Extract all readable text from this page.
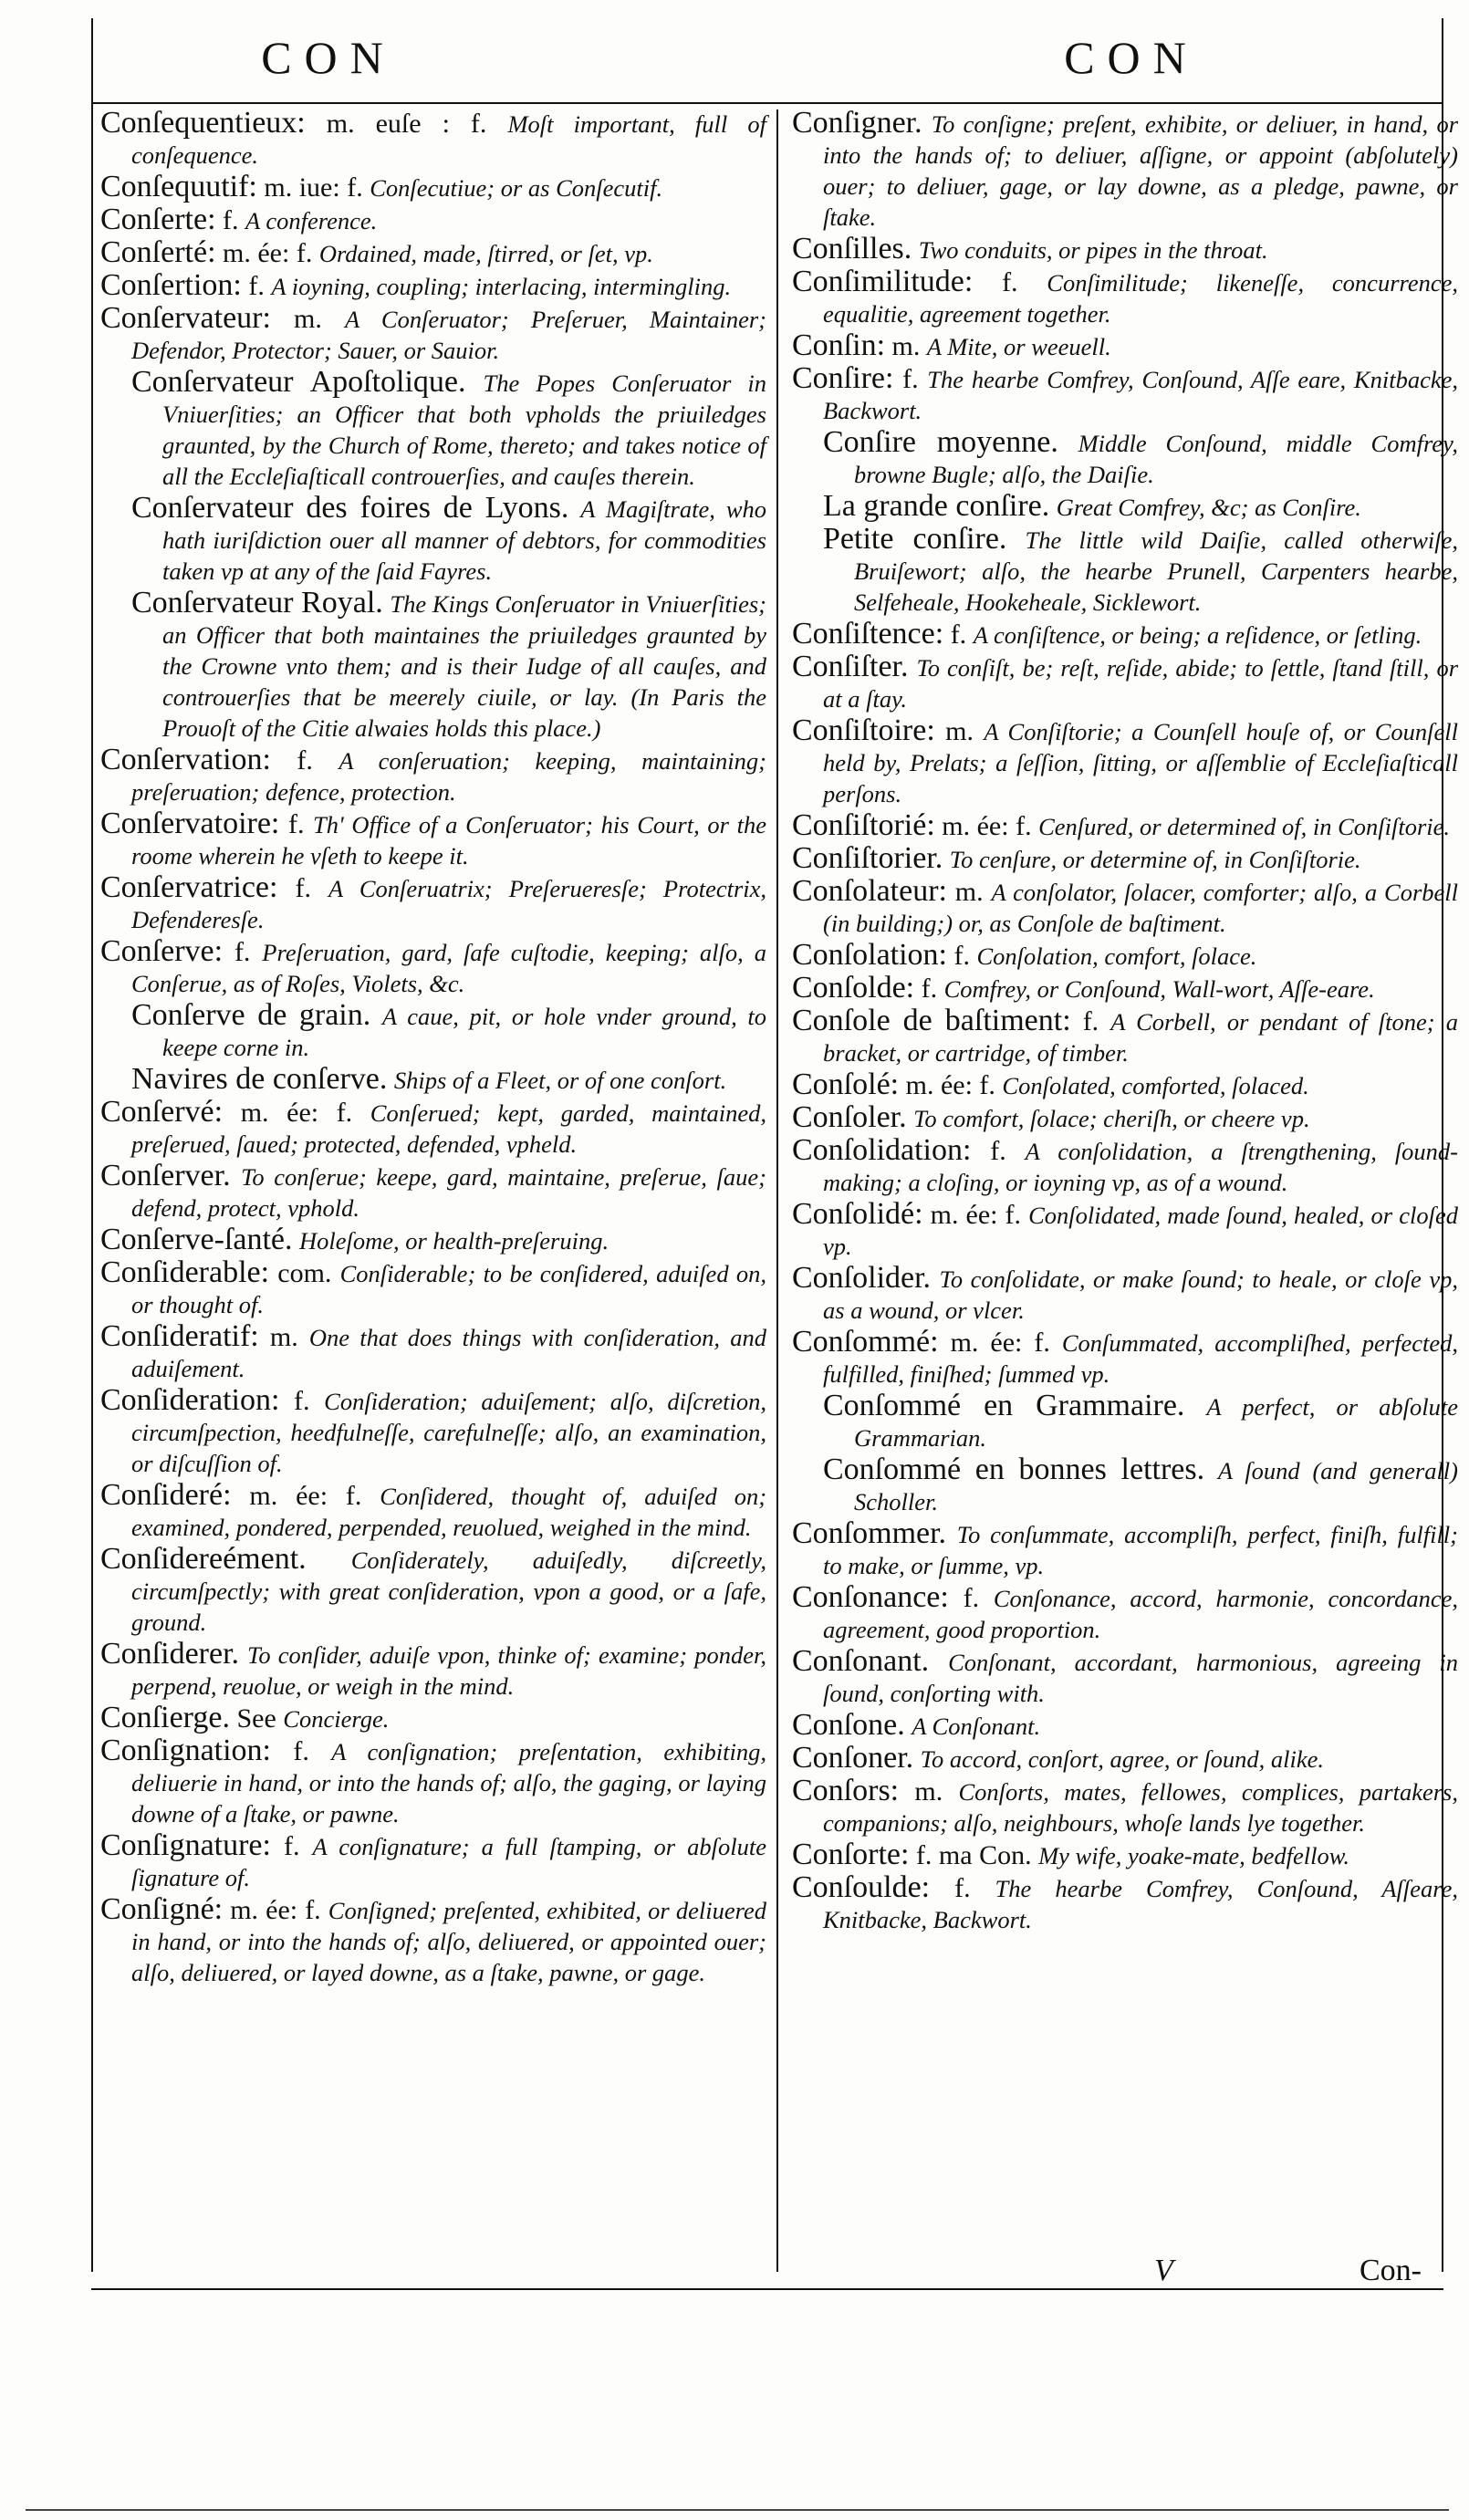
CON	CON

Conſequentieux: m. euſe : f. Moſt important, full of conſequence.

Conſequutif: m. iue: f. Conſecutiue; or as Conſecutif.

Conſerte: f. A conference.

Conſerté: m. ée: f. Ordained, made, ſtirred, or ſet, vp.

Conſertion: f. A ioyning, coupling; interlacing, intermingling.

Conſervateur: m. A Conſeruator; Preſeruer, Maintainer; Defendor, Protector; Sauer, or Sauior.

Conſervateur Apoſtolique. The Popes Conſeruator in Vniuerſities; an Officer that both vpholds the priuiledges graunted, by the Church of Rome, thereto; and takes notice of all the Eccleſiaſticall controuerſies, and cauſes therein.

Conſervateur des foires de Lyons. A Magiſtrate, who hath iuriſdiction ouer all manner of debtors, for commodities taken vp at any of the ſaid Fayres.

Conſervateur Royal. The Kings Conſeruator in Vniuerſities; an Officer that both maintaines the priuiledges graunted by the Crowne vnto them; and is their Iudge of all cauſes, and controuerſies that be meerely ciuile, or lay. (In Paris the Prouoſt of the Citie alwaies holds this place.)

Conſervation: f. A conſeruation; keeping, maintaining; preſeruation; defence, protection.

Conſervatoire: f. Th' Office of a Conſeruator; his Court, or the roome wherein he vſeth to keepe it.

Conſervatrice: f. A Conſeruatrix; Preſerueresſe; Protectrix, Defenderesſe.

Conſerve: f. Preſeruation, gard, ſafe cuſtodie, keeping; alſo, a Conſerue, as of Roſes, Violets, &c.

Conſerve de grain. A caue, pit, or hole vnder ground, to keepe corne in.

Navires de conſerve. Ships of a Fleet, or of one conſort.

Conſervé: m. ée: f. Conſerued; kept, garded, maintained, preſerued, ſaued; protected, defended, vpheld.

Conſerver. To conſerue; keepe, gard, maintaine, preſerue, ſaue; defend, protect, vphold.

Conſerve-ſanté. Holeſome, or health-preſeruing.

Conſiderable: com. Conſiderable; to be conſidered, aduiſed on, or thought of.

Conſideratif: m. One that does things with conſideration, and aduiſement.

Conſideration: f. Conſideration; aduiſement; alſo, diſcretion, circumſpection, heedfulneſſe, carefulneſſe; alſo, an examination, or diſcuſſion of.

Conſideré: m. ée: f. Conſidered, thought of, aduiſed on; examined, pondered, perpended, reuolued, weighed in the mind.

Conſidereément. Conſiderately, aduiſedly, diſcreetly, circumſpectly; with great conſideration, vpon a good, or a ſafe, ground.

Conſiderer. To conſider, aduiſe vpon, thinke of; examine; ponder, perpend, reuolue, or weigh in the mind.

Conſierge. See Concierge.

Conſignation: f. A conſignation; preſentation, exhibiting, deliuerie in hand, or into the hands of; alſo, the gaging, or laying downe of a ſtake, or pawne.

Conſignature: f. A conſignature; a full ſtamping, or abſolute ſignature of.

Conſigné: m. ée: f. Conſigned; preſented, exhibited, or deliuered in hand, or into the hands of; alſo, deliuered, or appointed ouer; alſo, deliuered, or layed downe, as a ſtake, pawne, or gage.

Conſigner. To conſigne; preſent, exhibite, or deliuer, in hand, or into the hands of; to deliuer, aſſigne, or appoint (abſolutely) ouer; to deliuer, gage, or lay downe, as a pledge, pawne, or ſtake.

Conſilles. Two conduits, or pipes in the throat.

Conſimilitude: f. Conſimilitude; likeneſſe, concurrence, equalitie, agreement together.

Conſin: m. A Mite, or weeuell.

Conſire: f. The hearbe Comfrey, Conſound, Aſſe eare, Knitbacke, Backwort.

Conſire moyenne. Middle Conſound, middle Comfrey, browne Bugle; alſo, the Daiſie.

La grande conſire. Great Comfrey, &c; as Conſire.

Petite conſire. The little wild Daiſie, called otherwiſe, Bruiſewort; alſo, the hearbe Prunell, Carpenters hearbe, Selfeheale, Hookeheale, Sicklewort.

Conſiſtence: f. A conſiſtence, or being; a reſidence, or ſetling.

Conſiſter. To conſiſt, be; reſt, reſide, abide; to ſettle, ſtand ſtill, or at a ſtay.

Conſiſtoire: m. A Conſiſtorie; a Counſell houſe of, or Counſell held by, Prelats; a ſeſſion, ſitting, or aſſemblie of Eccleſiaſticall perſons.

Conſiſtorié: m. ée: f. Cenſured, or determined of, in Conſiſtorie.

Conſiſtorier. To cenſure, or determine of, in Conſiſtorie.

Conſolateur: m. A conſolator, ſolacer, comforter; alſo, a Corbell (in building;) or, as Conſole de baſtiment.

Conſolation: f. Conſolation, comfort, ſolace.

Conſolde: f. Comfrey, or Conſound, Wall-wort, Aſſe-eare.

Conſole de baſtiment: f. A Corbell, or pendant of ſtone; a bracket, or cartridge, of timber.

Conſolé: m. ée: f. Conſolated, comforted, ſolaced.

Conſoler. To comfort, ſolace; cheriſh, or cheere vp.

Conſolidation: f. A conſolidation, a ſtrengthening, ſound-making; a cloſing, or ioyning vp, as of a wound.

Conſolidé: m. ée: f. Conſolidated, made ſound, healed, or cloſed vp.

Conſolider. To conſolidate, or make ſound; to heale, or cloſe vp, as a wound, or vlcer.

Conſommé: m. ée: f. Conſummated, accompliſhed, perfected, fulfilled, finiſhed; ſummed vp.

Conſommé en Grammaire. A perfect, or abſolute Grammarian.

Conſommé en bonnes lettres. A ſound (and generall) Scholler.

Conſommer. To conſummate, accompliſh, perfect, finiſh, fulfill; to make, or ſumme, vp.

Conſonance: f. Conſonance, accord, harmonie, concordance, agreement, good proportion.

Conſonant. Conſonant, accordant, harmonious, agreeing in ſound, conſorting with.

Conſone. A Conſonant.

Conſoner. To accord, conſort, agree, or ſound, alike.

Conſors: m. Conſorts, mates, fellowes, complices, partakers, companions; alſo, neighbours, whoſe lands lye together.

Conſorte: f. ma Con. My wife, yoake-mate, bedfellow.

Conſoulde: f. The hearbe Comfrey, Conſound, Aſſeare, Knitbacke, Backwort.

V	Con-
